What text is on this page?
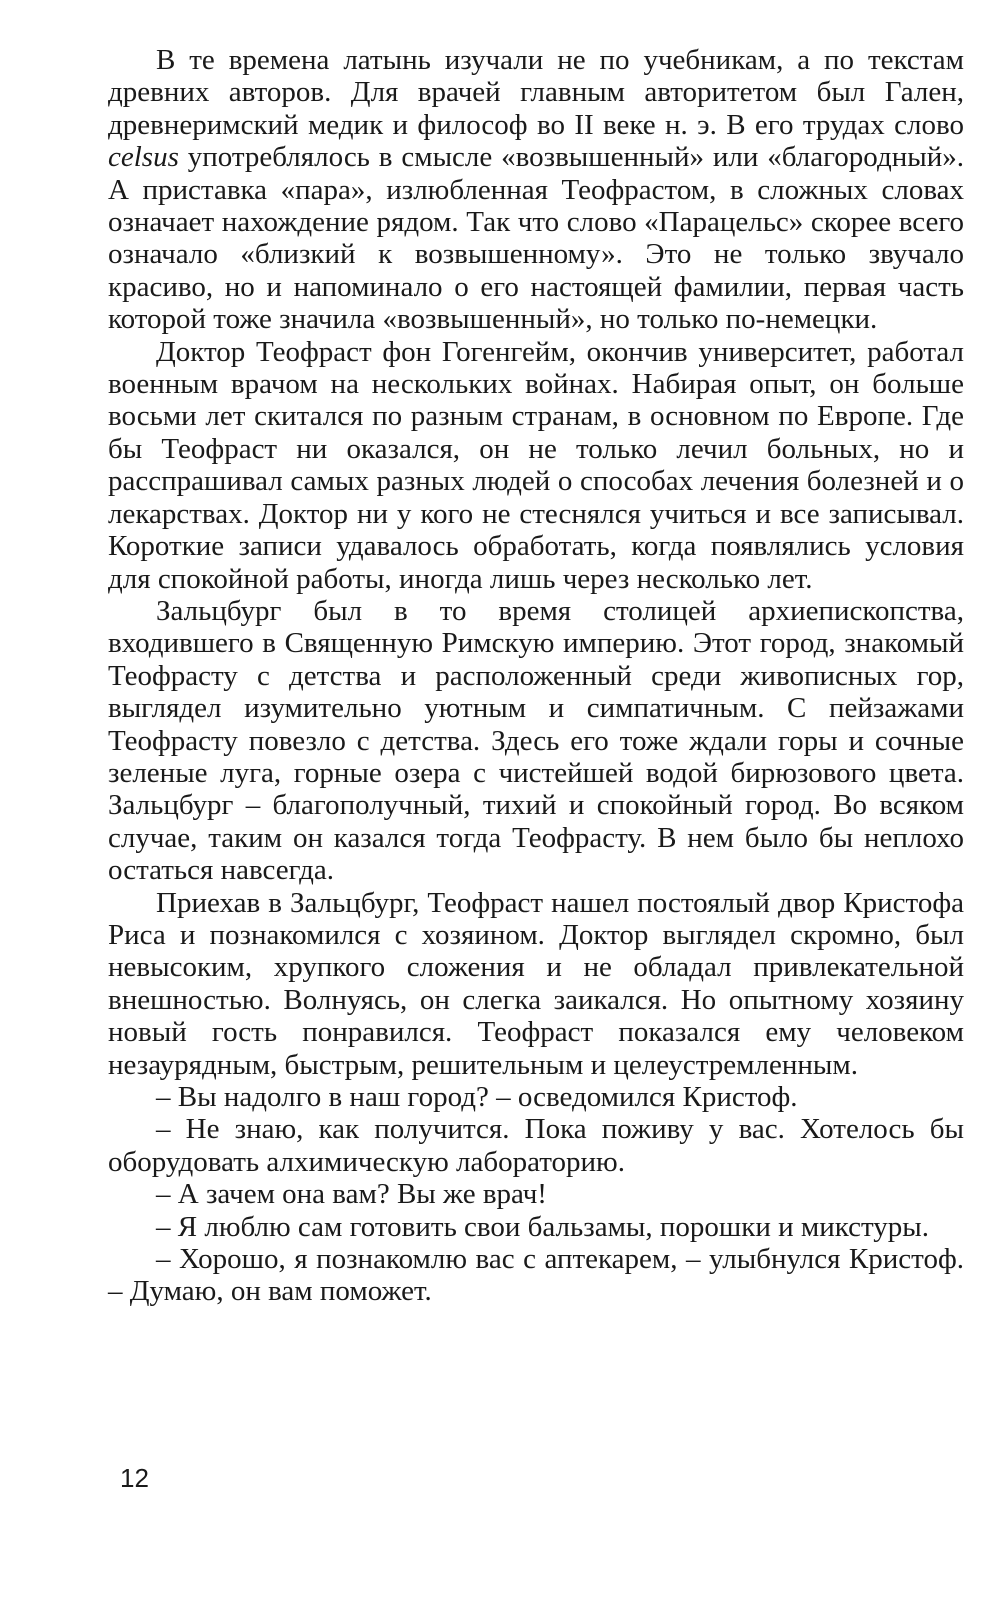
В те времена латынь изучали не по учебникам, а по текстам древних авторов. Для врачей главным авторитетом был Гален, древнеримский медик и философ во II веке н. э. В его трудах слово celsus употреблялось в смысле «возвышенный» или «благородный». А приставка «пара», излюбленная Теофрастом, в сложных словах означает нахождение рядом. Так что слово «Парацельс» скорее всего означало «близкий к возвышенному». Это не только звучало красиво, но и напоминало о его настоящей фамилии, первая часть которой тоже значила «возвышенный», но только по-немецки.

Доктор Теофраст фон Гогенгейм, окончив университет, работал военным врачом на нескольких войнах. Набирая опыт, он больше восьми лет скитался по разным странам, в основном по Европе. Где бы Теофраст ни оказался, он не только лечил больных, но и расспрашивал самых разных людей о способах лечения болезней и о лекарствах. Доктор ни у кого не стеснялся учиться и все записывал. Короткие записи удавалось обработать, когда появлялись условия для спокойной работы, иногда лишь через несколько лет.

Зальцбург был в то время столицей архиепископства, входившего в Священную Римскую империю. Этот город, знакомый Теофрасту с детства и расположенный среди живописных гор, выглядел изумительно уютным и симпатичным. С пейзажами Теофрасту повезло с детства. Здесь его тоже ждали горы и сочные зеленые луга, горные озера с чистейшей водой бирюзового цвета. Зальцбург – благополучный, тихий и спокойный город. Во всяком случае, таким он казался тогда Теофрасту. В нем было бы неплохо остаться навсегда.

Приехав в Зальцбург, Теофраст нашел постоялый двор Кристофа Риса и познакомился с хозяином. Доктор выглядел скромно, был невысоким, хрупкого сложения и не обладал привлекательной внешностью. Волнуясь, он слегка заикался. Но опытному хозяину новый гость понравился. Теофраст показался ему человеком незаурядным, быстрым, решительным и целеустремленным.

– Вы надолго в наш город? – осведомился Кристоф.

– Не знаю, как получится. Пока поживу у вас. Хотелось бы оборудовать алхимическую лабораторию.

– А зачем она вам? Вы же врач!

– Я люблю сам готовить свои бальзамы, порошки и микстуры.

– Хорошо, я познакомлю вас с аптекарем, – улыбнулся Кристоф. – Думаю, он вам поможет.

12
